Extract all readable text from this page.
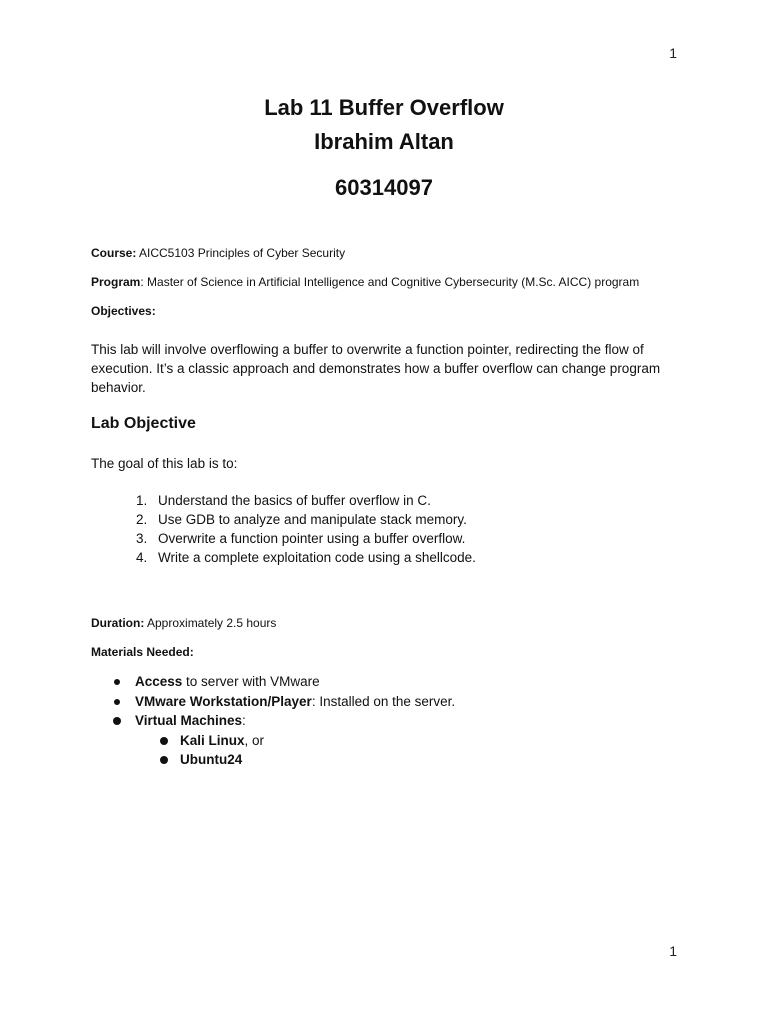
1
Lab 11 Buffer Overflow
Ibrahim Altan
60314097
Course: AICC5103 Principles of Cyber Security
Program: Master of Science in Artificial Intelligence and Cognitive Cybersecurity (M.Sc. AICC) program
Objectives:
This lab will involve overflowing a buffer to overwrite a function pointer, redirecting the flow of execution. It’s a classic approach and demonstrates how a buffer overflow can change program behavior.
Lab Objective
The goal of this lab is to:
1. Understand the basics of buffer overflow in C.
2. Use GDB to analyze and manipulate stack memory.
3. Overwrite a function pointer using a buffer overflow.
4. Write a complete exploitation code using a shellcode.
Duration: Approximately 2.5 hours
Materials Needed:
Access to server with VMware
VMware Workstation/Player: Installed on the server.
Virtual Machines:
Kali Linux, or
Ubuntu24
1
